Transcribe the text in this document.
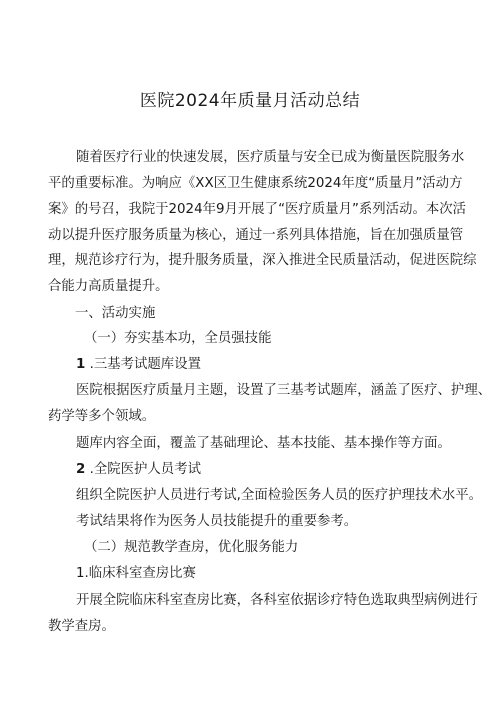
医院2024年质量月活动总结
随着医疗行业的快速发展，医疗质量与安全已成为衡量医院服务水
平的重要标准。为响应《XX区卫生健康系统2024年度“质量月”活动方
案》的号召，我院于2024年9月开展了“医疗质量月”系列活动。本次活
动以提升医疗服务质量为核心，通过一系列具体措施，旨在加强质量管
理，规范诊疗行为，提升服务质量，深入推进全民质量活动，促进医院综
合能力高质量提升。
一、活动实施
（一）夯实基本功，全员强技能
1 .三基考试题库设置
医院根据医疗质量月主题，设置了三基考试题库，涵盖了医疗、护理、
药学等多个领域。
题库内容全面，覆盖了基础理论、基本技能、基本操作等方面。
2 .全院医护人员考试
组织全院医护人员进行考试,全面检验医务人员的医疗护理技术水平。
考试结果将作为医务人员技能提升的重要参考。
（二）规范教学查房，优化服务能力
1.临床科室查房比赛
开展全院临床科室查房比赛，各科室依据诊疗特色选取典型病例进行
教学查房。
